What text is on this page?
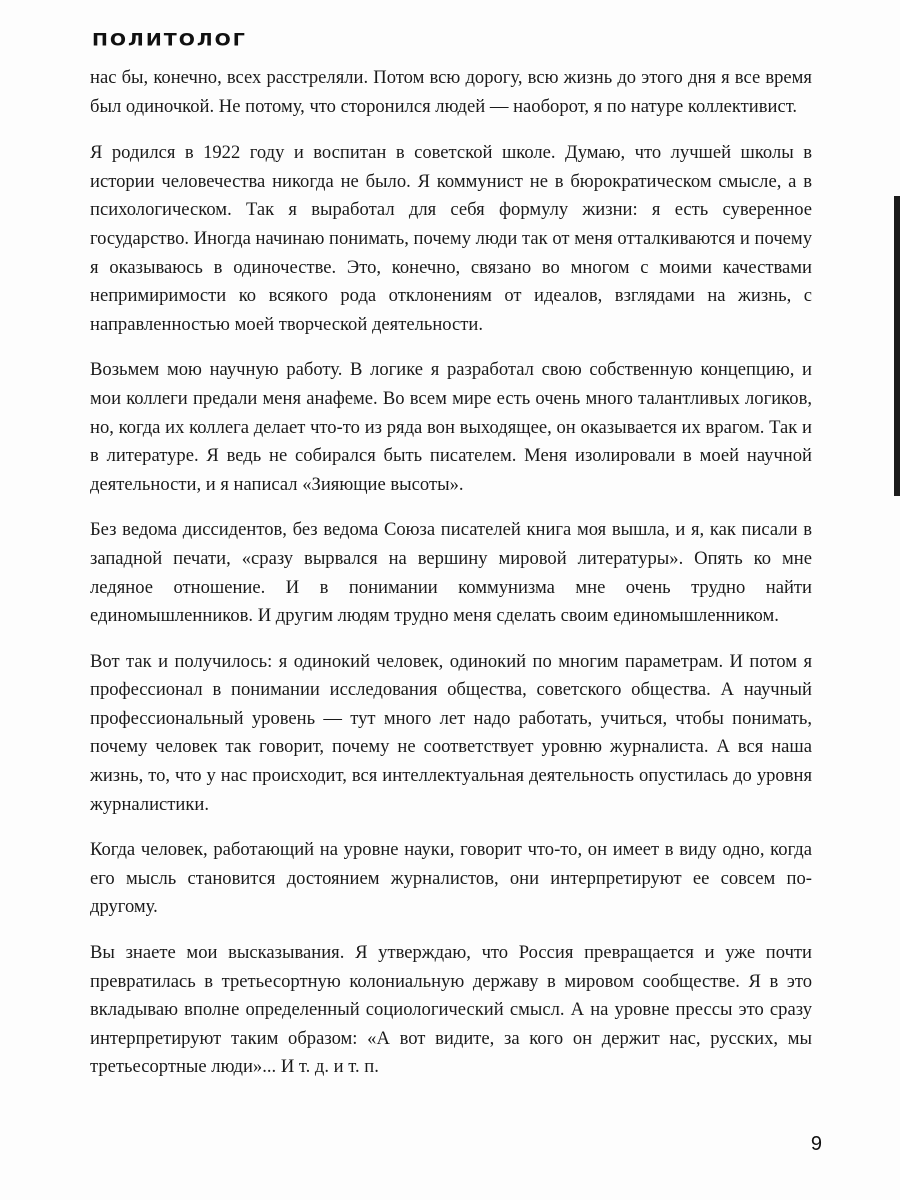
ПОЛИТОЛОГ

нас бы, конечно, всех расстреляли. Потом всю дорогу, всю жизнь до этого дня я все время был одиночкой. Не потому, что сторонился людей — наоборот, я по натуре коллективист.

Я родился в 1922 году и воспитан в советской школе. Думаю, что лучшей школы в истории человечества никогда не было. Я коммунист не в бюрократическом смысле, а в психологическом. Так я выработал для себя формулу жизни: я есть суверенное государство. Иногда начинаю понимать, почему люди так от меня отталкиваются и почему я оказываюсь в одиночестве. Это, конечно, связано во многом с моими качествами непримиримости ко всякого рода отклонениям от идеалов, взглядами на жизнь, с направленностью моей творческой деятельности.

Возьмем мою научную работу. В логике я разработал свою собственную концепцию, и мои коллеги предали меня анафеме. Во всем мире есть очень много талантливых логиков, но, когда их коллега делает что-то из ряда вон выходящее, он оказывается их врагом. Так и в литературе. Я ведь не собирался быть писателем. Меня изолировали в моей научной деятельности, и я написал «Зияющие высоты».

Без ведома диссидентов, без ведома Союза писателей книга моя вышла, и я, как писали в западной печати, «сразу вырвался на вершину мировой литературы». Опять ко мне ледяное отношение. И в понимании коммунизма мне очень трудно найти единомышленников. И другим людям трудно меня сделать своим единомышленником.

Вот так и получилось: я одинокий человек, одинокий по многим параметрам. И потом я профессионал в понимании исследования общества, советского общества. А научный профессиональный уровень — тут много лет надо работать, учиться, чтобы понимать, почему человек так говорит, почему не соответствует уровню журналиста. А вся наша жизнь, то, что у нас происходит, вся интеллектуальная деятельность опустилась до уровня журналистики.

Когда человек, работающий на уровне науки, говорит что-то, он имеет в виду одно, когда его мысль становится достоянием журналистов, они интерпретируют ее совсем по-другому.

Вы знаете мои высказывания. Я утверждаю, что Россия превращается и уже почти превратилась в третьесортную колониальную державу в мировом сообществе. Я в это вкладываю вполне определенный социологический смысл. А на уровне прессы это сразу интерпретируют таким образом: «А вот видите, за кого он держит нас, русских, мы третьесортные люди»... И т. д. и т. п.

9
